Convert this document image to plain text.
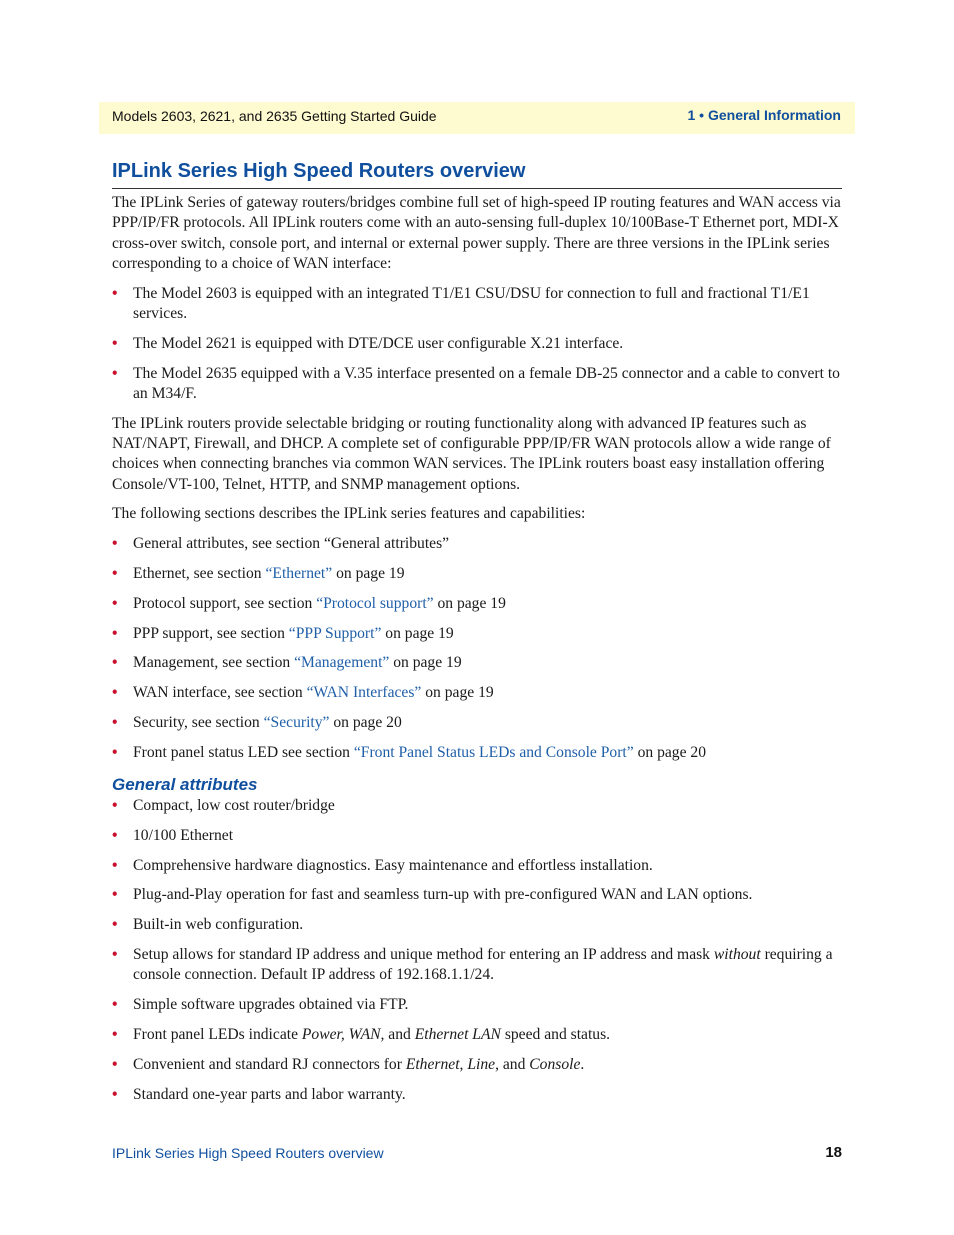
Models 2603, 2621, and 2635 Getting Started Guide	1 • General Information
IPLink Series High Speed Routers overview

The IPLink Series of gateway routers/bridges combine full set of high-speed IP routing features and WAN access via PPP/IP/FR protocols. All IPLink routers come with an auto-sensing full-duplex 10/100Base-T Ethernet port, MDI-X cross-over switch, console port, and internal or external power supply. There are three versions in the IPLink series corresponding to a choice of WAN interface:

• The Model 2603 is equipped with an integrated T1/E1 CSU/DSU for connection to full and fractional T1/E1 services.
• The Model 2621 is equipped with DTE/DCE user configurable X.21 interface.
• The Model 2635 equipped with a V.35 interface presented on a female DB-25 connector and a cable to convert to an M34/F.

The IPLink routers provide selectable bridging or routing functionality along with advanced IP features such as NAT/NAPT, Firewall, and DHCP. A complete set of configurable PPP/IP/FR WAN protocols allow a wide range of choices when connecting branches via common WAN services. The IPLink routers boast easy installation offering Console/VT-100, Telnet, HTTP, and SNMP management options.

The following sections describes the IPLink series features and capabilities:

• General attributes, see section “General attributes”
• Ethernet, see section “Ethernet” on page 19
• Protocol support, see section “Protocol support” on page 19
• PPP support, see section “PPP Support” on page 19
• Management, see section “Management” on page 19
• WAN interface, see section “WAN Interfaces” on page 19
• Security, see section “Security” on page 20
• Front panel status LED see section “Front Panel Status LEDs and Console Port” on page 20
General attributes
• Compact, low cost router/bridge
• 10/100 Ethernet
• Comprehensive hardware diagnostics. Easy maintenance and effortless installation.
• Plug-and-Play operation for fast and seamless turn-up with pre-configured WAN and LAN options.
• Built-in web configuration.
• Setup allows for standard IP address and unique method for entering an IP address and mask without requiring a console connection. Default IP address of 192.168.1.1/24.
• Simple software upgrades obtained via FTP.
• Front panel LEDs indicate Power, WAN, and Ethernet LAN speed and status.
• Convenient and standard RJ connectors for Ethernet, Line, and Console.
• Standard one-year parts and labor warranty.
IPLink Series High Speed Routers overview	18
